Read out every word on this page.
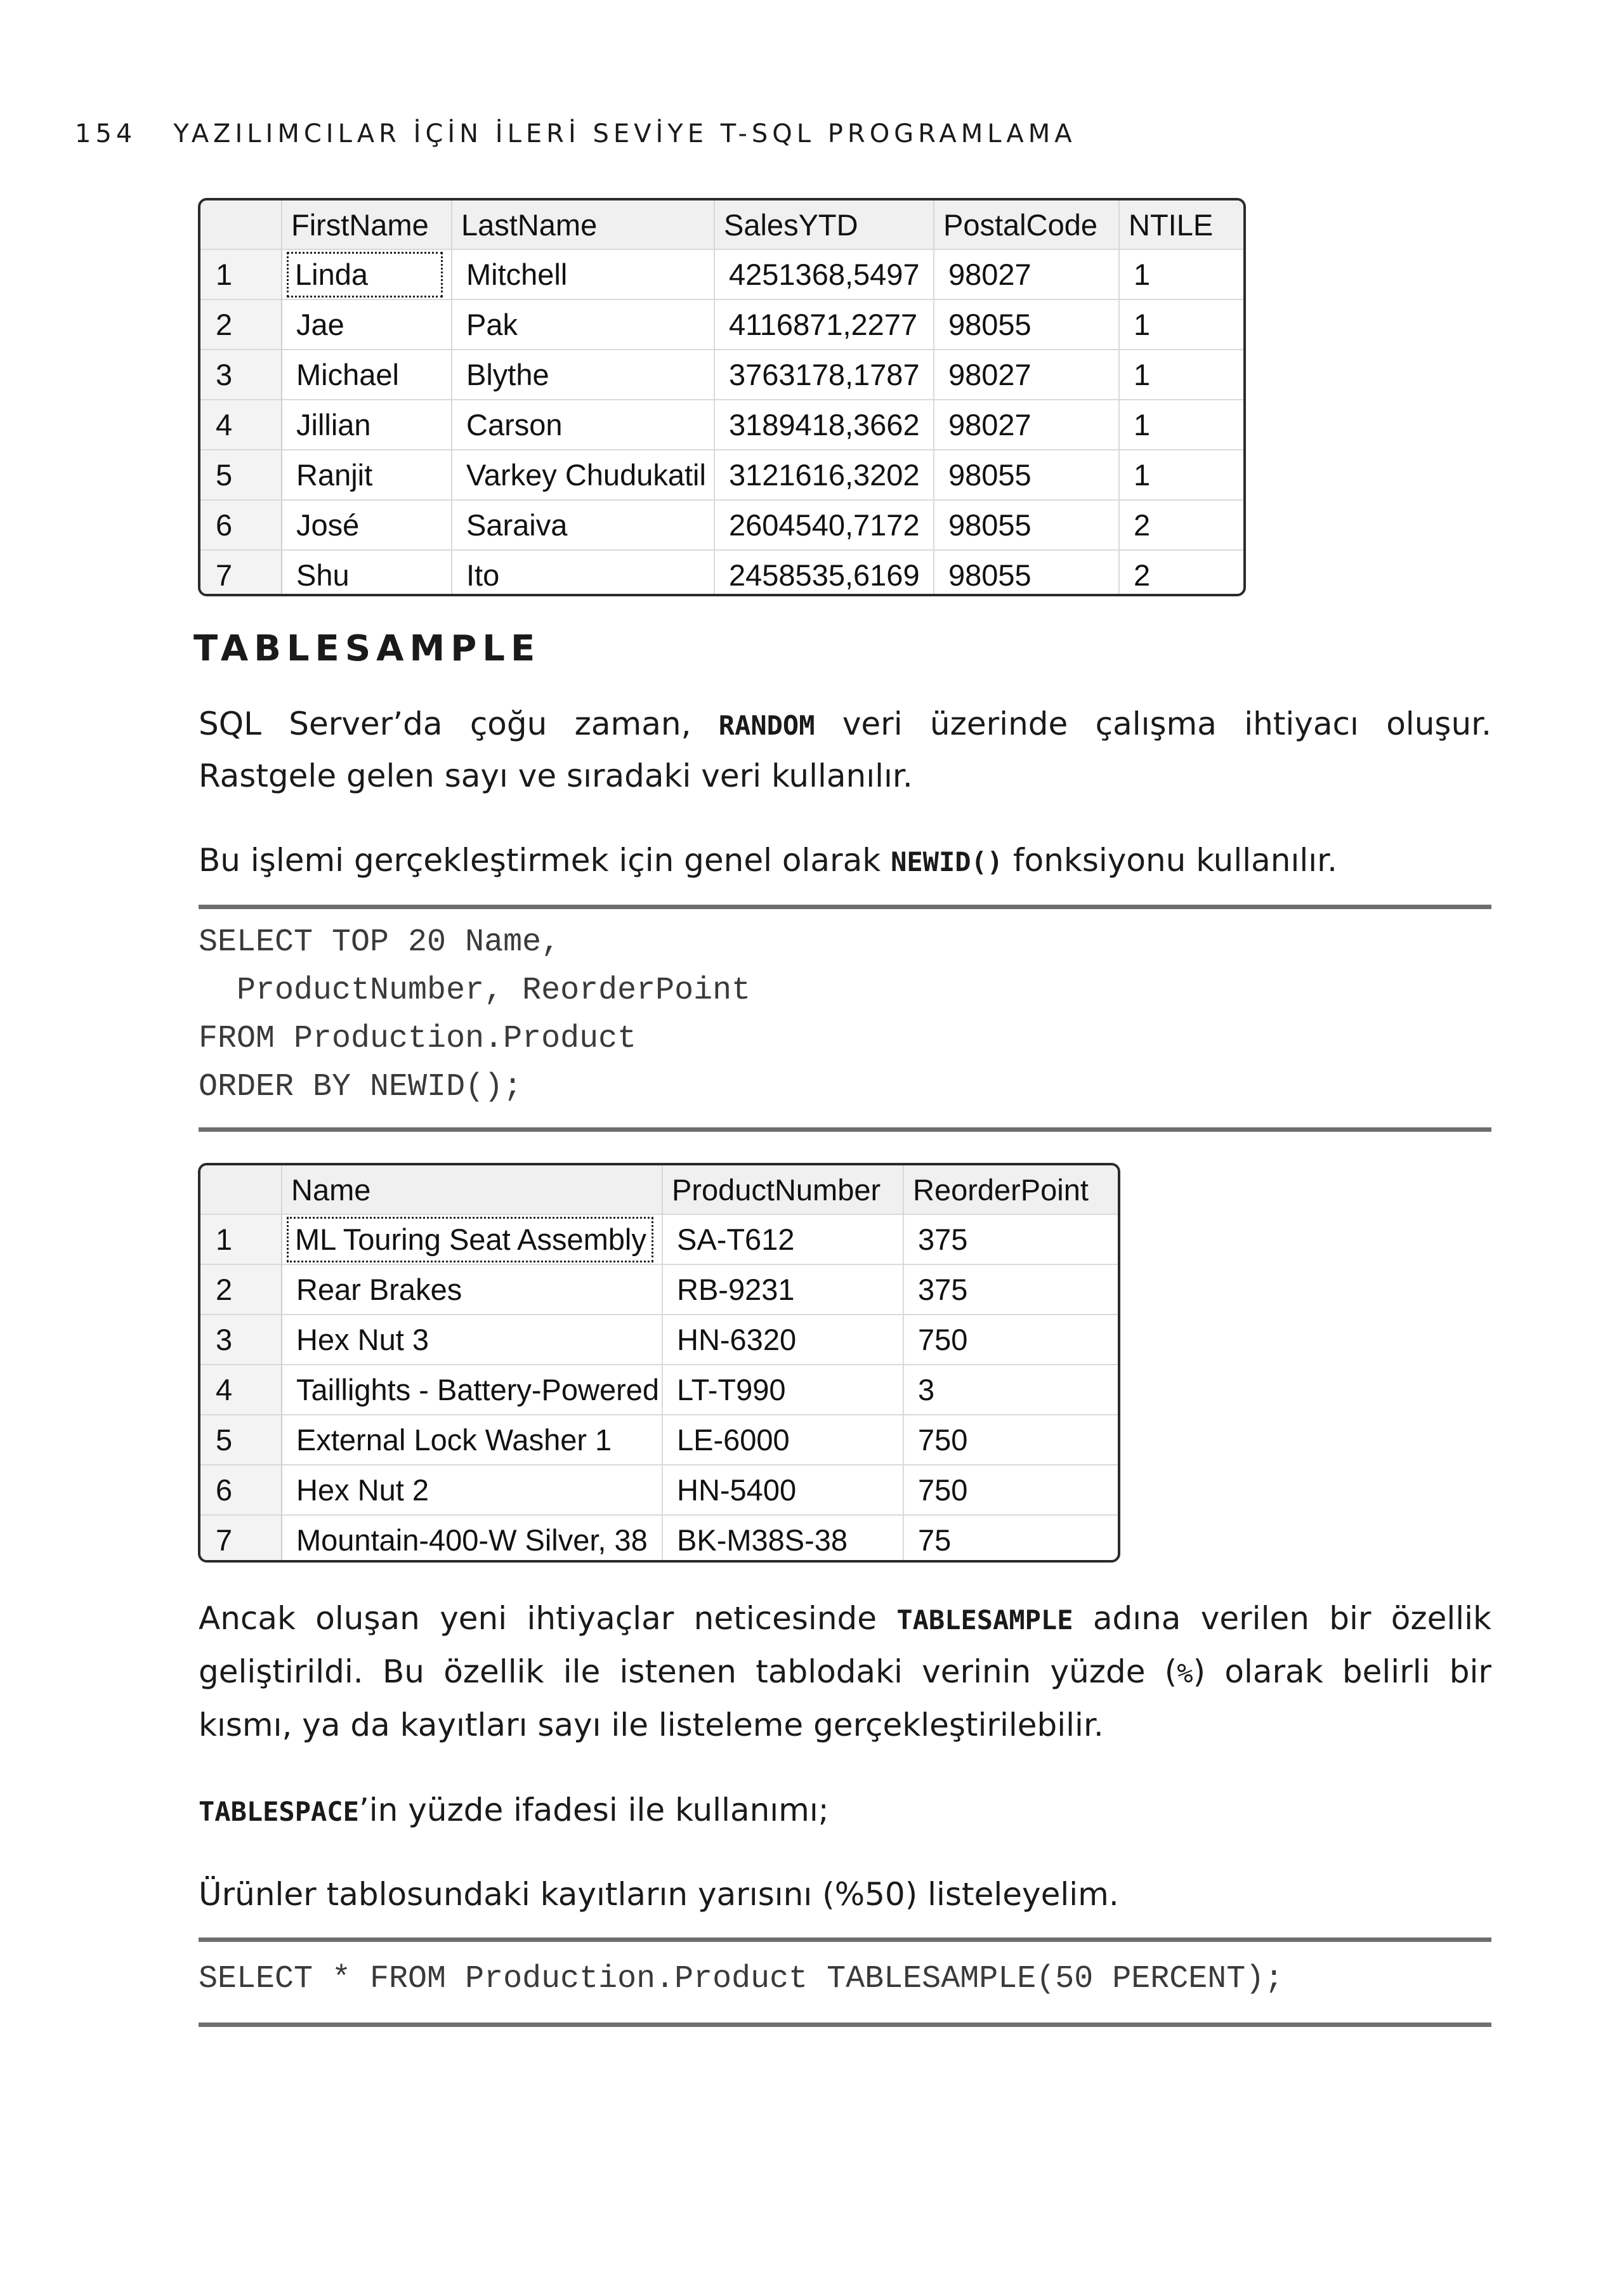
154 YAZILIMCILAR İÇİN İLERİ SEVİYE T-SQL PROGRAMLAMA
	FirstName	LastName	SalesYTD	PostalCode	NTILE
1	Linda	Mitchell	4251368,5497	98027	1
2	Jae	Pak	4116871,2277	98055	1
3	Michael	Blythe	3763178,1787	98027	1
4	Jillian	Carson	3189418,3662	98027	1
5	Ranjit	Varkey Chudukatil	3121616,3202	98055	1
6	José	Saraiva	2604540,7172	98055	2
7	Shu	Ito	2458535,6169	98055	2
TABLESAMPLE
SQL Server’da çoğu zaman, RANDOM veri üzerinde çalışma ihtiyacı oluşur.
Rastgele gelen sayı ve sıradaki veri kullanılır.
Bu işlemi gerçekleştirmek için genel olarak NEWID() fonksiyonu kullanılır.
SELECT TOP 20 Name,
ProductNumber, ReorderPoint
FROM Production.Product
ORDER BY NEWID();
	Name	ProductNumber	ReorderPoint
1	ML Touring Seat Assembly	SA-T612	375
2	Rear Brakes	RB-9231	375
3	Hex Nut 3	HN-6320	750
4	Taillights - Battery-Powered	LT-T990	3
5	External Lock Washer 1	LE-6000	750
6	Hex Nut 2	HN-5400	750
7	Mountain-400-W Silver, 38	BK-M38S-38	75
Ancak oluşan yeni ihtiyaçlar neticesinde TABLESAMPLE adına verilen bir özellik
geliştirildi. Bu özellik ile istenen tablodaki verinin yüzde (%) olarak belirli bir
kısmı, ya da kayıtları sayı ile listeleme gerçekleştirilebilir.
TABLESPACE’in yüzde ifadesi ile kullanımı;
Ürünler tablosundaki kayıtların yarısını (%50) listeleyelim.
SELECT * FROM Production.Product TABLESAMPLE(50 PERCENT);
